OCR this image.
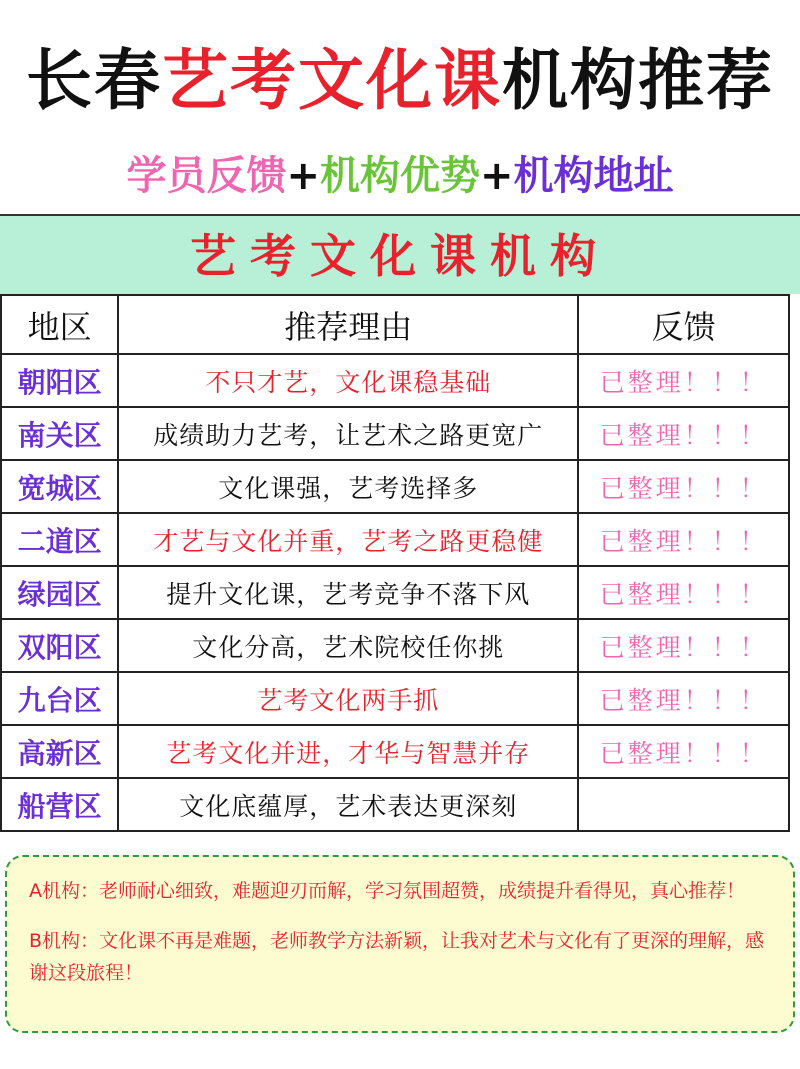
长春艺考文化课机构推荐
学员反馈+机构优势+机构地址
艺考文化课机构
地区	推荐理由	反馈
朝阳区	不只才艺，文化课稳基础	已整理！！！
南关区	成绩助力艺考，让艺术之路更宽广	已整理！！！
宽城区	文化课强，艺考选择多	已整理！！！
二道区	才艺与文化并重，艺考之路更稳健	已整理！！！
绿园区	提升文化课，艺考竞争不落下风	已整理！！！
双阳区	文化分高，艺术院校任你挑	已整理！！！
九台区	艺考文化两手抓	已整理！！！
高新区	艺考文化并进，才华与智慧并存	已整理！！！
船营区	文化底蕴厚，艺术表达更深刻	

A机构：老师耐心细致，难题迎刃而解，学习氛围超赞，成绩提升看得见，真心推荐！

B机构：文化课不再是难题，老师教学方法新颖，让我对艺术与文化有了更深的理解，感谢这段旅程！
